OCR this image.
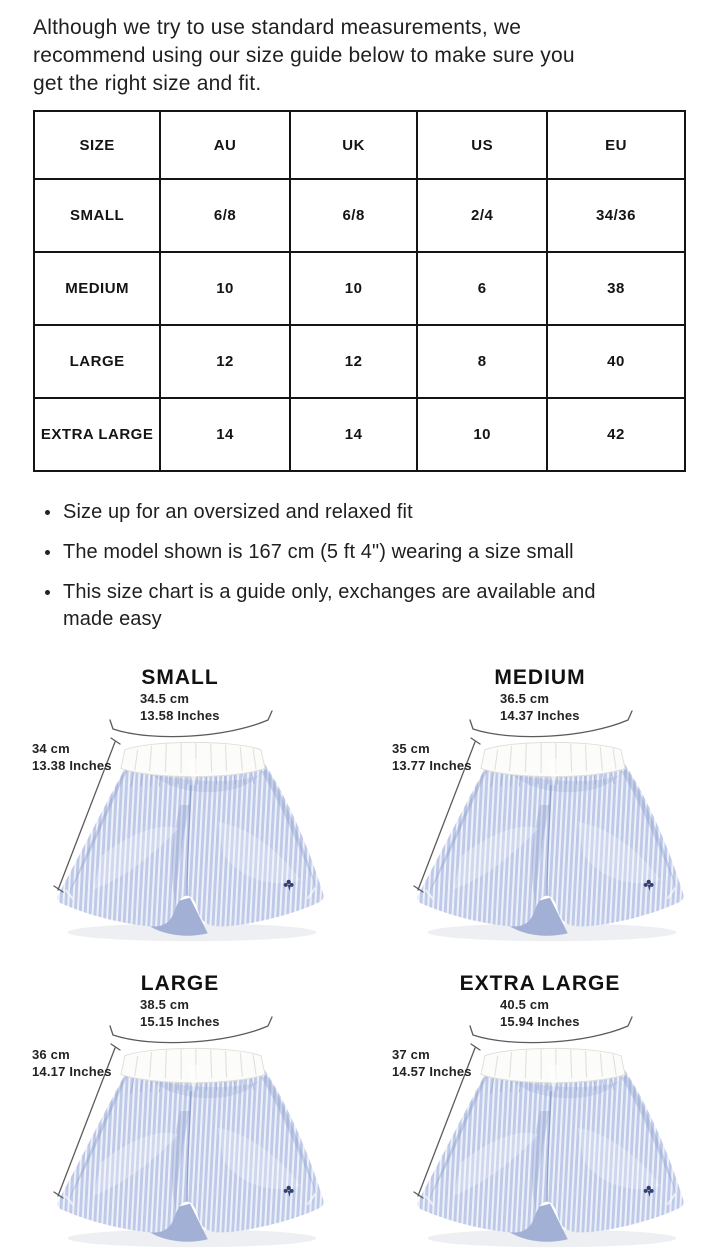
Although we try to use standard measurements, we
recommend using our size guide below to make sure you
get the right size and fit.
SIZE	AU	UK	US	EU
SMALL	6/8	6/8	2/4	34/36
MEDIUM	10	10	6	38
LARGE	12	12	8	40
EXTRA LARGE	14	14	10	42
Size up for an oversized and relaxed fit
The model shown is 167 cm (5 ft 4") wearing a size small
This size chart is a guide only, exchanges are available and
made easy
SMALL
34.5 cm
13.58 Inches
34 cm
13.38 Inches
MEDIUM
36.5 cm
14.37 Inches
35 cm
13.77 Inches
LARGE
38.5 cm
15.15 Inches
36 cm
14.17 Inches
EXTRA LARGE
40.5 cm
15.94 Inches
37 cm
14.57 Inches
